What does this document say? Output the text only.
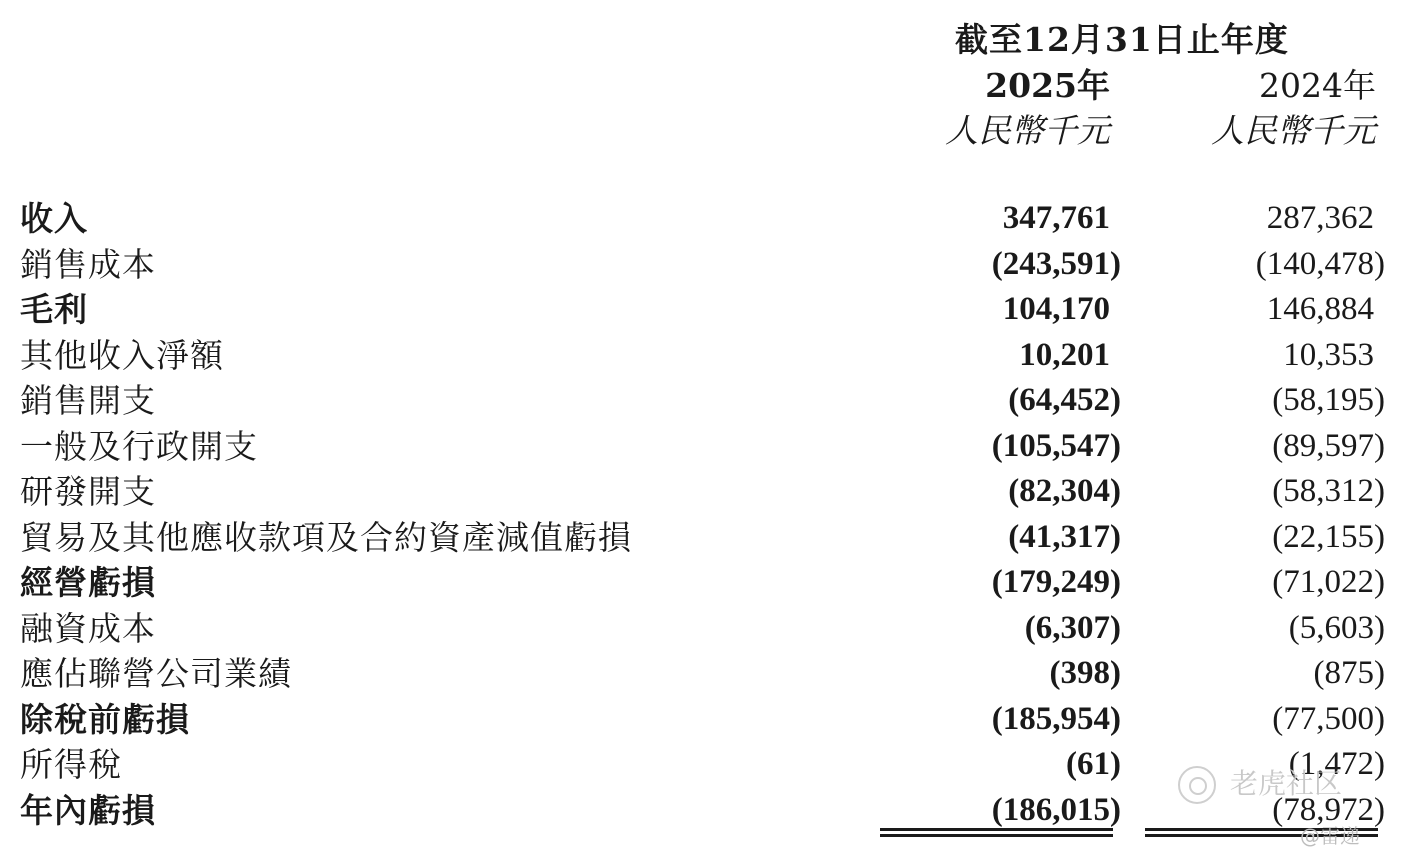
截至12月31日止年度
2025年	2024年
人民幣千元	人民幣千元
收入	347,761	287,362
銷售成本	(243,591)	(140,478)
毛利	104,170	146,884
其他收入淨額	10,201	10,353
銷售開支	(64,452)	(58,195)
一般及行政開支	(105,547)	(89,597)
研發開支	(82,304)	(58,312)
貿易及其他應收款項及合約資產減值虧損	(41,317)	(22,155)
經營虧損	(179,249)	(71,022)
融資成本	(6,307)	(5,603)
應佔聯營公司業績	(398)	(875)
除稅前虧損	(185,954)	(77,500)
所得稅	(61)	(1,472)
年內虧損	(186,015)	(78,972)
老虎社区
@雷递
